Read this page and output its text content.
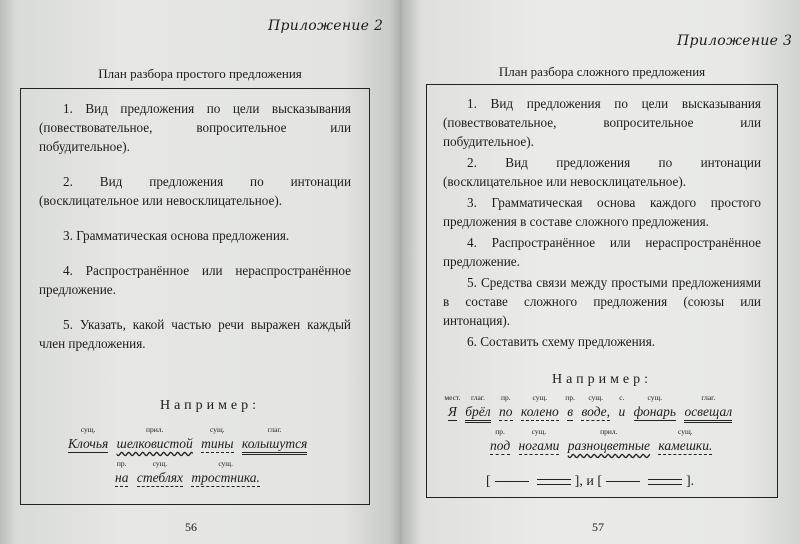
Приложение 2
План разбора простого предложения

1. Вид предложения по цели высказывания (повествовательное, вопросительное или побудительное).

2. Вид предложения по интонации (восклицательное или невосклицательное).

3. Грамматическая основа предложения.

4. Распространённое или нераспространённое предложение.

5. Указать, какой частью речи выражен каждый член предложения.

Например:
сущ.
Клочья
прил.
шелковистой
сущ.
тины
глаг.
колышутся
пр.
на
сущ.
стеблях
сущ.
тростника.
56
Приложение 3
План разбора сложного предложения

1. Вид предложения по цели высказывания (повествовательное, вопросительное или побудительное).

2. Вид предложения по интонации (восклицательное или невосклицательное).

3. Грамматическая основа каждого простого предложения в составе сложного предложения.

4. Распространённое или нераспространённое предложение.

5. Средства связи между простыми предложениями в составе сложного предложения (союзы или интонация).

6. Составить схему предложения.

Например:
мест.
Я
глаг.
брёл
пр.
по
сущ.
колено
пр.
в
сущ.
воде,
с.
и
сущ.
фонарь
глаг.
освещал
пр.
под
сущ.
ногами
прил.
разноцветные
сущ.
камешки.
[	], и [	].
57
